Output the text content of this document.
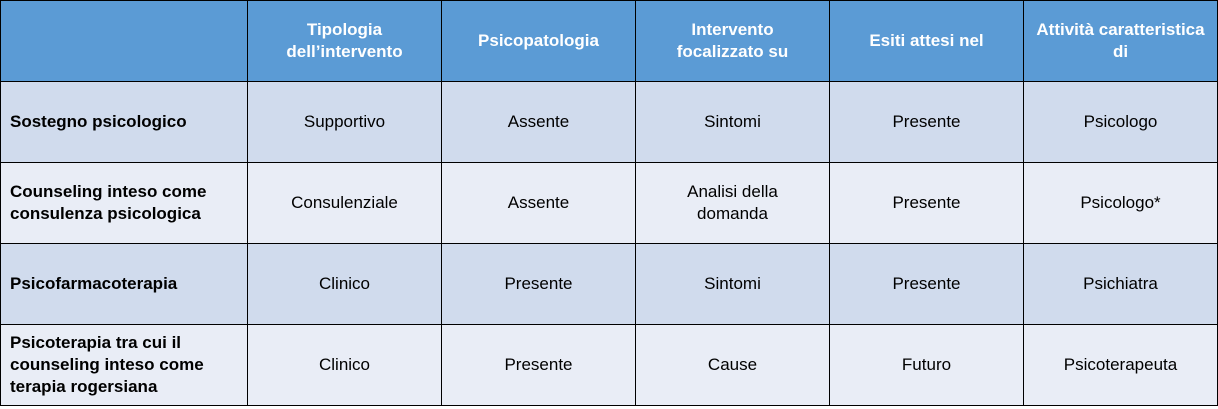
	Tipologia dell’intervento	Psicopatologia	Intervento focalizzato su	Esiti attesi nel	Attività caratteristica di

Sostegno psicologico	Supportivo	Assente	Sintomi	Presente	Psicologo
Counseling inteso come consulenza psicologica	Consulenziale	Assente	Analisi della domanda	Presente	Psicologo*
Psicofarmacoterapia	Clinico	Presente	Sintomi	Presente	Psichiatra
Psicoterapia tra cui il counseling inteso come terapia rogersiana	Clinico	Presente	Cause	Futuro	Psicoterapeuta
